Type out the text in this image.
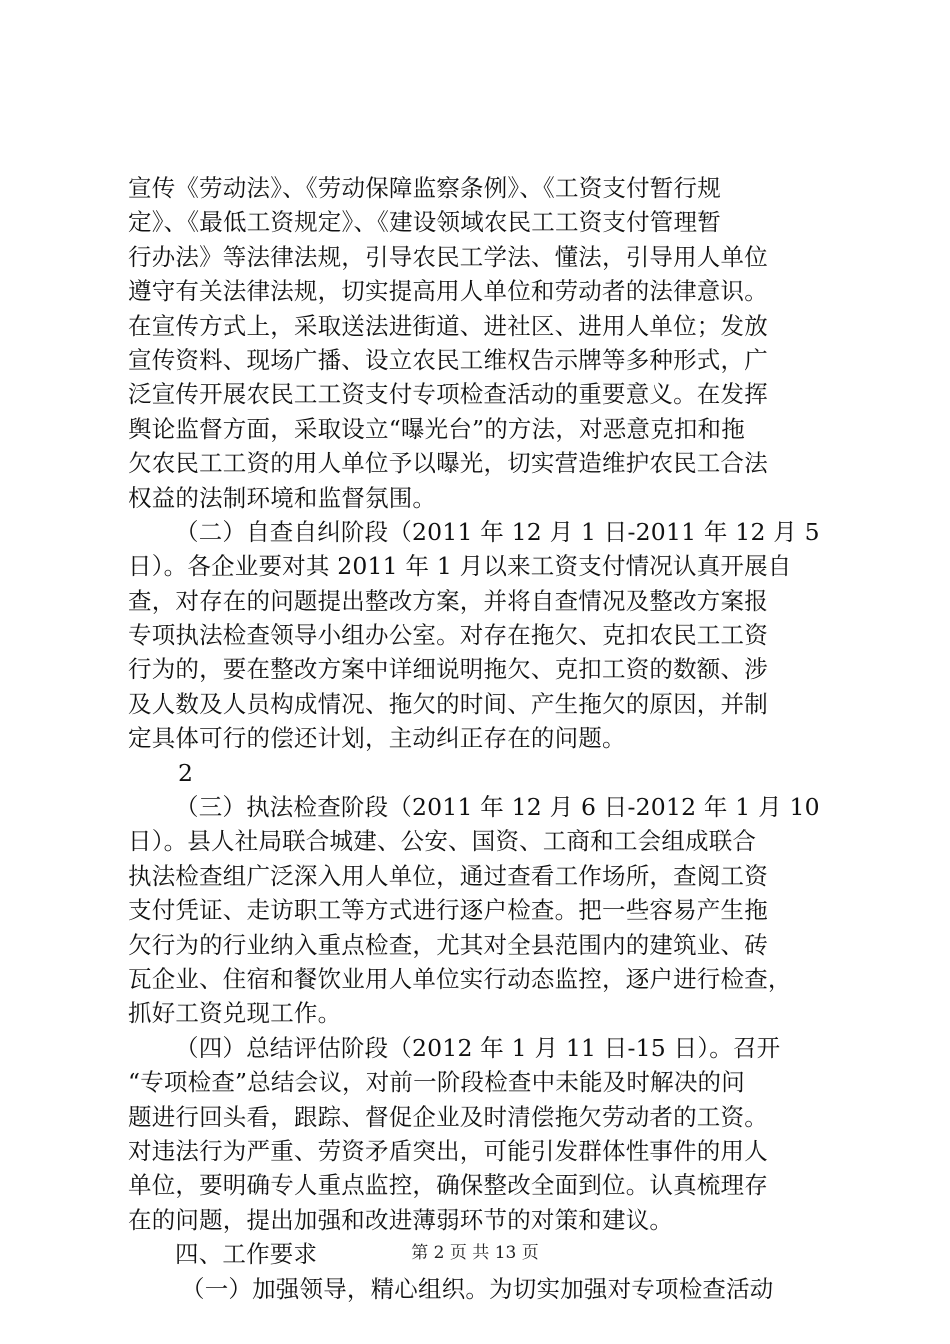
宣传《劳动法》、《劳动保障监察条例》、《工资支付暂行规
定》、《最低工资规定》、《建设领域农民工工资支付管理暂
行办法》等法律法规，引导农民工学法、懂法，引导用人单位
遵守有关法律法规，切实提高用人单位和劳动者的法律意识。
在宣传方式上，采取送法进街道、进社区、进用人单位；发放
宣传资料、现场广播、设立农民工维权告示牌等多种形式，广
泛宣传开展农民工工资支付专项检查活动的重要意义。在发挥
舆论监督方面，采取设立“曝光台”的方法，对恶意克扣和拖
欠农民工工资的用人单位予以曝光，切实营造维护农民工合法
权益的法制环境和监督氛围。
（二）自查自纠阶段（2011 年 12 月 1 日-2011 年 12 月 5
日）。各企业要对其 2011 年 1 月以来工资支付情况认真开展自
查，对存在的问题提出整改方案，并将自查情况及整改方案报
专项执法检查领导小组办公室。对存在拖欠、克扣农民工工资
行为的，要在整改方案中详细说明拖欠、克扣工资的数额、涉
及人数及人员构成情况、拖欠的时间、产生拖欠的原因，并制
定具体可行的偿还计划，主动纠正存在的问题。
2
（三）执法检查阶段（2011 年 12 月 6 日-2012 年 1 月 10
日）。县人社局联合城建、公安、国资、工商和工会组成联合
执法检查组广泛深入用人单位，通过查看工作场所，查阅工资
支付凭证、走访职工等方式进行逐户检查。把一些容易产生拖
欠行为的行业纳入重点检查，尤其对全县范围内的建筑业、砖
瓦企业、住宿和餐饮业用人单位实行动态监控，逐户进行检查，
抓好工资兑现工作。
（四）总结评估阶段（2012 年 1 月 11 日-15 日）。召开
“专项检查”总结会议，对前一阶段检查中未能及时解决的问
题进行回头看，跟踪、督促企业及时清偿拖欠劳动者的工资。
对违法行为严重、劳资矛盾突出，可能引发群体性事件的用人
单位，要明确专人重点监控，确保整改全面到位。认真梳理存
在的问题，提出加强和改进薄弱环节的对策和建议。
四、工作要求
（一）加强领导，精心组织。为切实加强对专项检查活动
第 2 页 共 13 页
